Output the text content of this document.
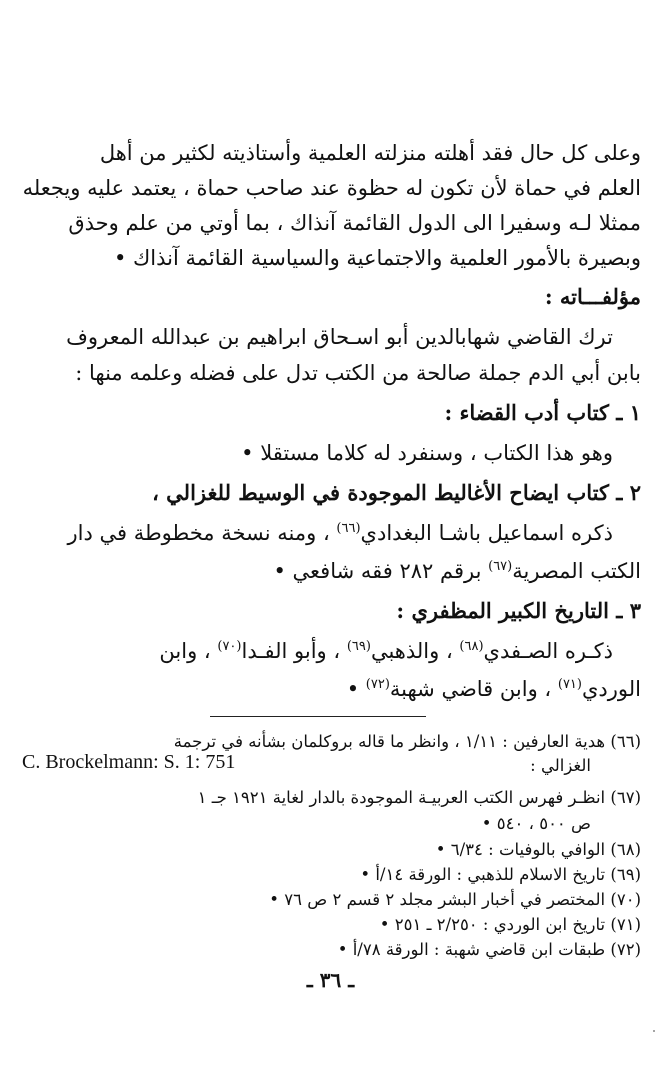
وعلى كل حال فقد أهلته منزلته العلمية وأستاذيته لكثير من أهل
العلم في حماة لأن تكون له حظوة عند صاحب حماة ، يعتمد عليه ويجعله
ممثلا لـه وسفيرا الى الدول القائمة آنذاك ، بما أوتي من علم وحذق
وبصيرة بالأمور العلمية والاجتماعية والسياسية القائمة آنذاك •
مؤلفـــاته :
ترك القاضي شهابالدين أبو اسـحاق ابراهيم بن عبدالله المعروف
بابن أبي الدم جملة صالحة من الكتب تدل على فضله وعلمه منها :
١ ـ كتاب أدب القضاء :
وهو هذا الكتاب ، وسنفرد له كلاما مستقلا •
٢ ـ كتاب ايضاح الأغاليط الموجودة في الوسيط للغزالي ،
ذكره اسماعيل باشـا البغدادي$^{(٦٦)}$ ، ومنه نسخة مخطوطة في دار
الكتب المصرية$^{(٦٧)}$ برقم ٢٨٢ فقه شافعي •
٣ ـ التاريخ الكبير المظفري :
ذكـره الصـفدي$^{(٦٨)}$ ، والذهبي$^{(٦٩)}$ ، وأبو الفـدا$^{(٧٠)}$ ، وابن
الوردي$^{(٧١)}$ ، وابن قاضي شهبة$^{(٧٢)}$ •
(٦٦) هدية العارفين : ١/١١ ، وانظر ما قاله بروكلمان بشأنه في ترجمة
C. Brockelmann: S. 1: 751	الغزالي :
(٦٧) انظـر فهرس الكتب العربيـة الموجودة بالدار لغاية ١٩٢١ جـ ١
ص ٥٠٠ ، ٥٤٠ •
(٦٨) الوافي بالوفيات : ٦/٣٤ •
(٦٩) تاريخ الاسلام للذهبي : الورقة ١٤/أ •
(٧٠) المختصر في أخبار البشر مجلد ٢ قسم ٢ ص ٧٦ •
(٧١) تاريخ ابن الوردي : ٢/٢٥٠ ـ ٢٥١ •
(٧٢) طبقات ابن قاضي شهبة : الورقة ٧٨/أ •
ـ ٣٦ ـ
